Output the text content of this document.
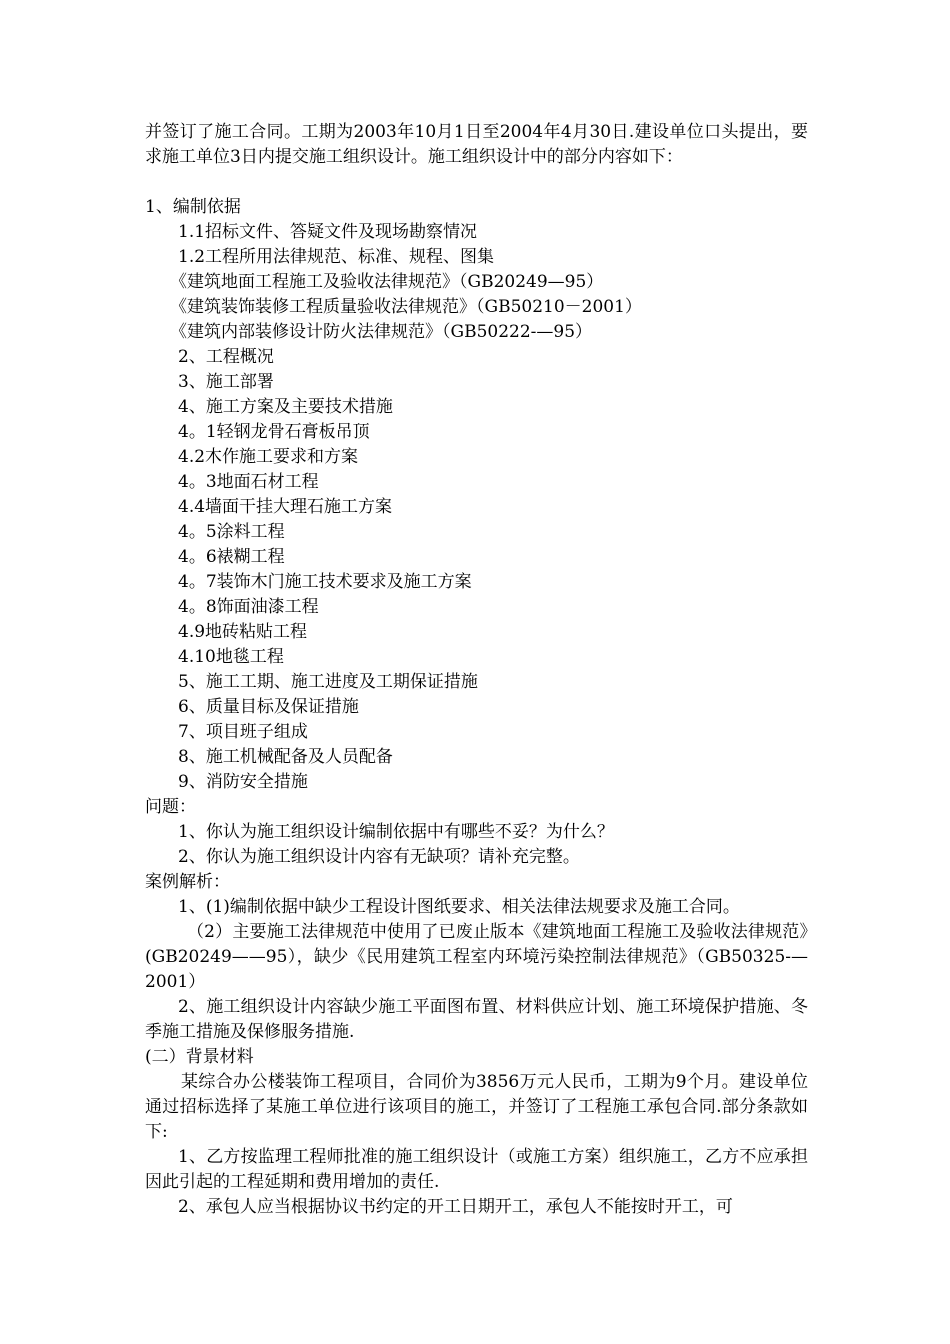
并签订了施工合同。工期为2003年10月1日至2004年4月30日.建设单位口头提出，要求施工单位3日内提交施工组织设计。施工组织设计中的部分内容如下：
1、编制依据
1.1招标文件、答疑文件及现场勘察情况
1.2工程所用法律规范、标准、规程、图集
《建筑地面工程施工及验收法律规范》（GB20249—95）
《建筑装饰装修工程质量验收法律规范》（GB50210－2001）
《建筑内部装修设计防火法律规范》（GB50222-—95）
2、工程概况
3、施工部署
4、施工方案及主要技术措施
4。1轻钢龙骨石膏板吊顶
4.2木作施工要求和方案
4。3地面石材工程
4.4墙面干挂大理石施工方案
4。5涂料工程
4。6裱糊工程
4。7装饰木门施工技术要求及施工方案
4。8饰面油漆工程
4.9地砖粘贴工程
4.10地毯工程
5、施工工期、施工进度及工期保证措施
6、质量目标及保证措施
7、项目班子组成
8、施工机械配备及人员配备
9、消防安全措施
问题：
1、你认为施工组织设计编制依据中有哪些不妥？为什么？
2、你认为施工组织设计内容有无缺项？请补充完整。
案例解析：
1、(1)编制依据中缺少工程设计图纸要求、相关法律法规要求及施工合同。
（2）主要施工法律规范中使用了已废止版本《建筑地面工程施工及验收法律规范》(GB20249——95），缺少《民用建筑工程室内环境污染控制法律规范》（GB50325-—2001）
2、施工组织设计内容缺少施工平面图布置、材料供应计划、施工环境保护措施、冬季施工措施及保修服务措施.
(二）背景材料
某综合办公楼装饰工程项目，合同价为3856万元人民币，工期为9个月。建设单位通过招标选择了某施工单位进行该项目的施工，并签订了工程施工承包合同.部分条款如下:
1、乙方按监理工程师批准的施工组织设计（或施工方案）组织施工，乙方不应承担因此引起的工程延期和费用增加的责任.
2、承包人应当根据协议书约定的开工日期开工，承包人不能按时开工，可
